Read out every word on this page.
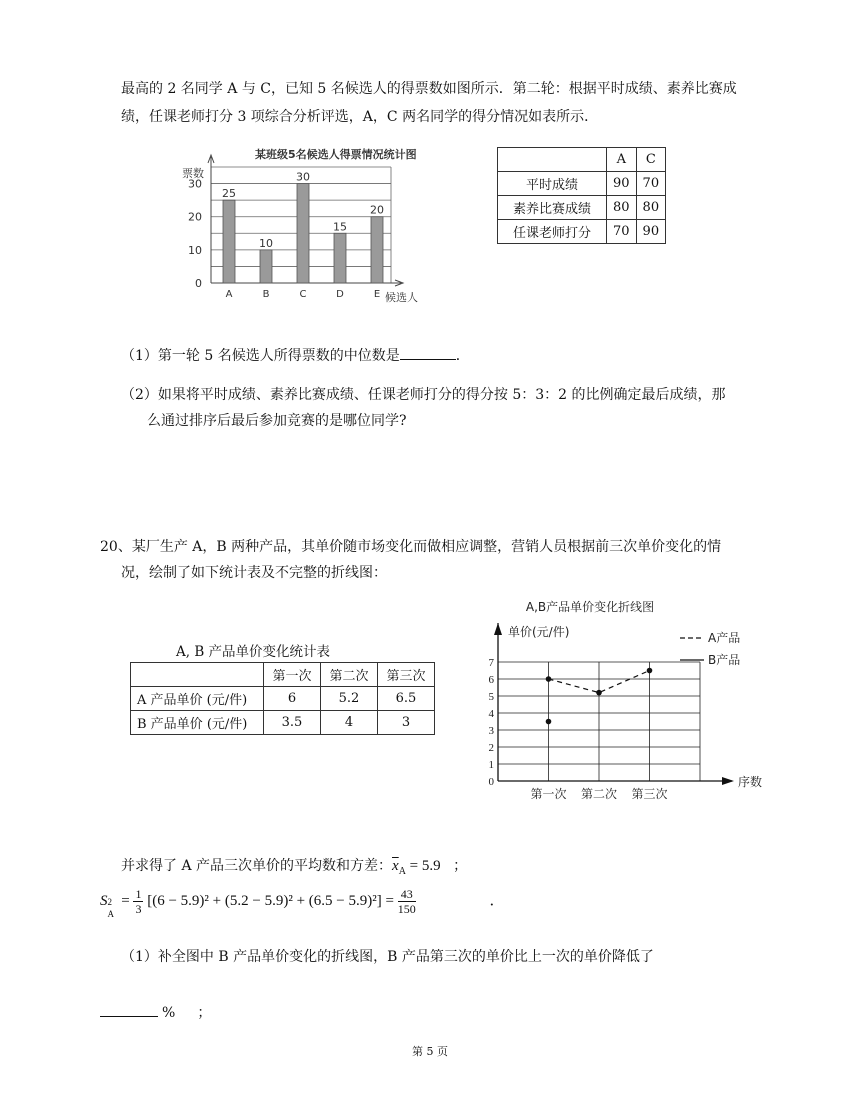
最高的 2 名同学 A 与 C，已知 5 名候选人的得票数如图所示．第二轮：根据平时成绩、素养比赛成
绩，任课老师打分 3 项综合分析评选，A，C 两名同学的得分情况如表所示．
某班级5名候选人得票情况统计图
票数
0
10
20
30
25
A
10
B
30
C
15
D
20
E 候选人
	A	C
平时成绩	90	70
素养比赛成绩	80	80
任课老师打分	70	90
（1）第一轮 5 名候选人所得票数的中位数是	．
（2）如果将平时成绩、素养比赛成绩、任课老师打分的得分按 5：3：2 的比例确定最后成绩，那
么通过排序后最后参加竞赛的是哪位同学?
20、某厂生产 A，B 两种产品，其单价随市场变化而做相应调整，营销人员根据前三次单价变化的情
况，绘制了如下统计表及不完整的折线图：
A, B 产品单价变化统计表
	第一次	第二次	第三次
A 产品单价 (元/件)	6	5.2	6.5
B 产品单价 (元/件)	3.5	4	3
A,B产品单价变化折线图
单价(元/件)
0
1
2
3
4
5
6
7
第一次 第二次 第三次
序数
A产品
B产品
并求得了 A 产品三次单价的平均数和方差：$\overline{x}_A = 5.9$ ；
S 2
A
= $\frac{1}{3} [(6 - 5.9)^2 + (5.2 - 5.9)^2 + (6.5 - 5.9)^2] = \frac{43}{150}$	．
（1）补全图中 B 产品单价变化的折线图，B 产品第三次的单价比上一次的单价降低了
% ；
第 5 页
